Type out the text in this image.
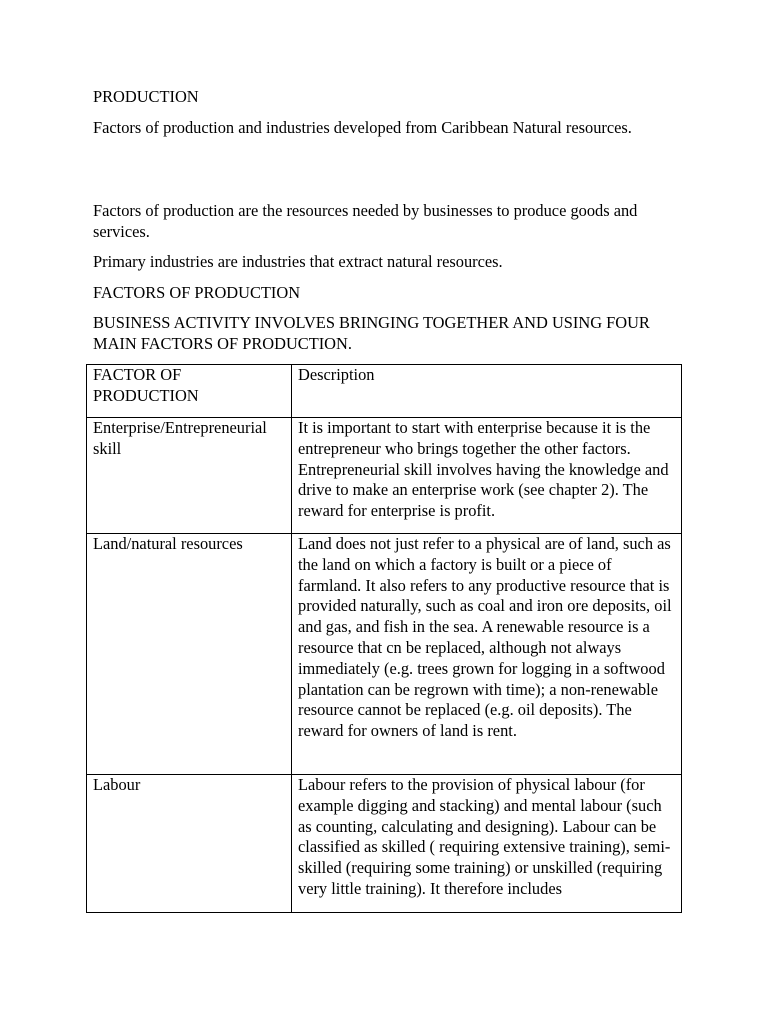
PRODUCTION

Factors of production and industries developed from Caribbean Natural resources.

Factors of production are the resources needed by businesses to produce goods and services.

Primary industries are industries that extract natural resources.

FACTORS OF PRODUCTION

BUSINESS ACTIVITY INVOLVES BRINGING TOGETHER AND USING FOUR MAIN FACTORS OF PRODUCTION.

FACTOR OF PRODUCTION	Description
Enterprise/Entrepreneurial skill	It is important to start with enterprise because it is the entrepreneur who brings together the other factors. Entrepreneurial skill involves having the knowledge and drive to make an enterprise work (see chapter 2). The reward for enterprise is profit.
Land/natural resources	Land does not just refer to a physical are of land, such as the land on which a factory is built or a piece of farmland. It also refers to any productive resource that is provided naturally, such as coal and iron ore deposits, oil and gas, and fish in the sea. A renewable resource is a resource that cn be replaced, although not always immediately (e.g. trees grown for logging in a softwood plantation can be regrown with time); a non-renewable resource cannot be replaced (e.g. oil deposits). The reward for owners of land is rent.
Labour	Labour refers to the provision of physical labour (for example digging and stacking) and mental labour (such as counting, calculating and designing). Labour can be classified as skilled ( requiring extensive training), semi-skilled (requiring some training) or unskilled (requiring very little training). It therefore includes
